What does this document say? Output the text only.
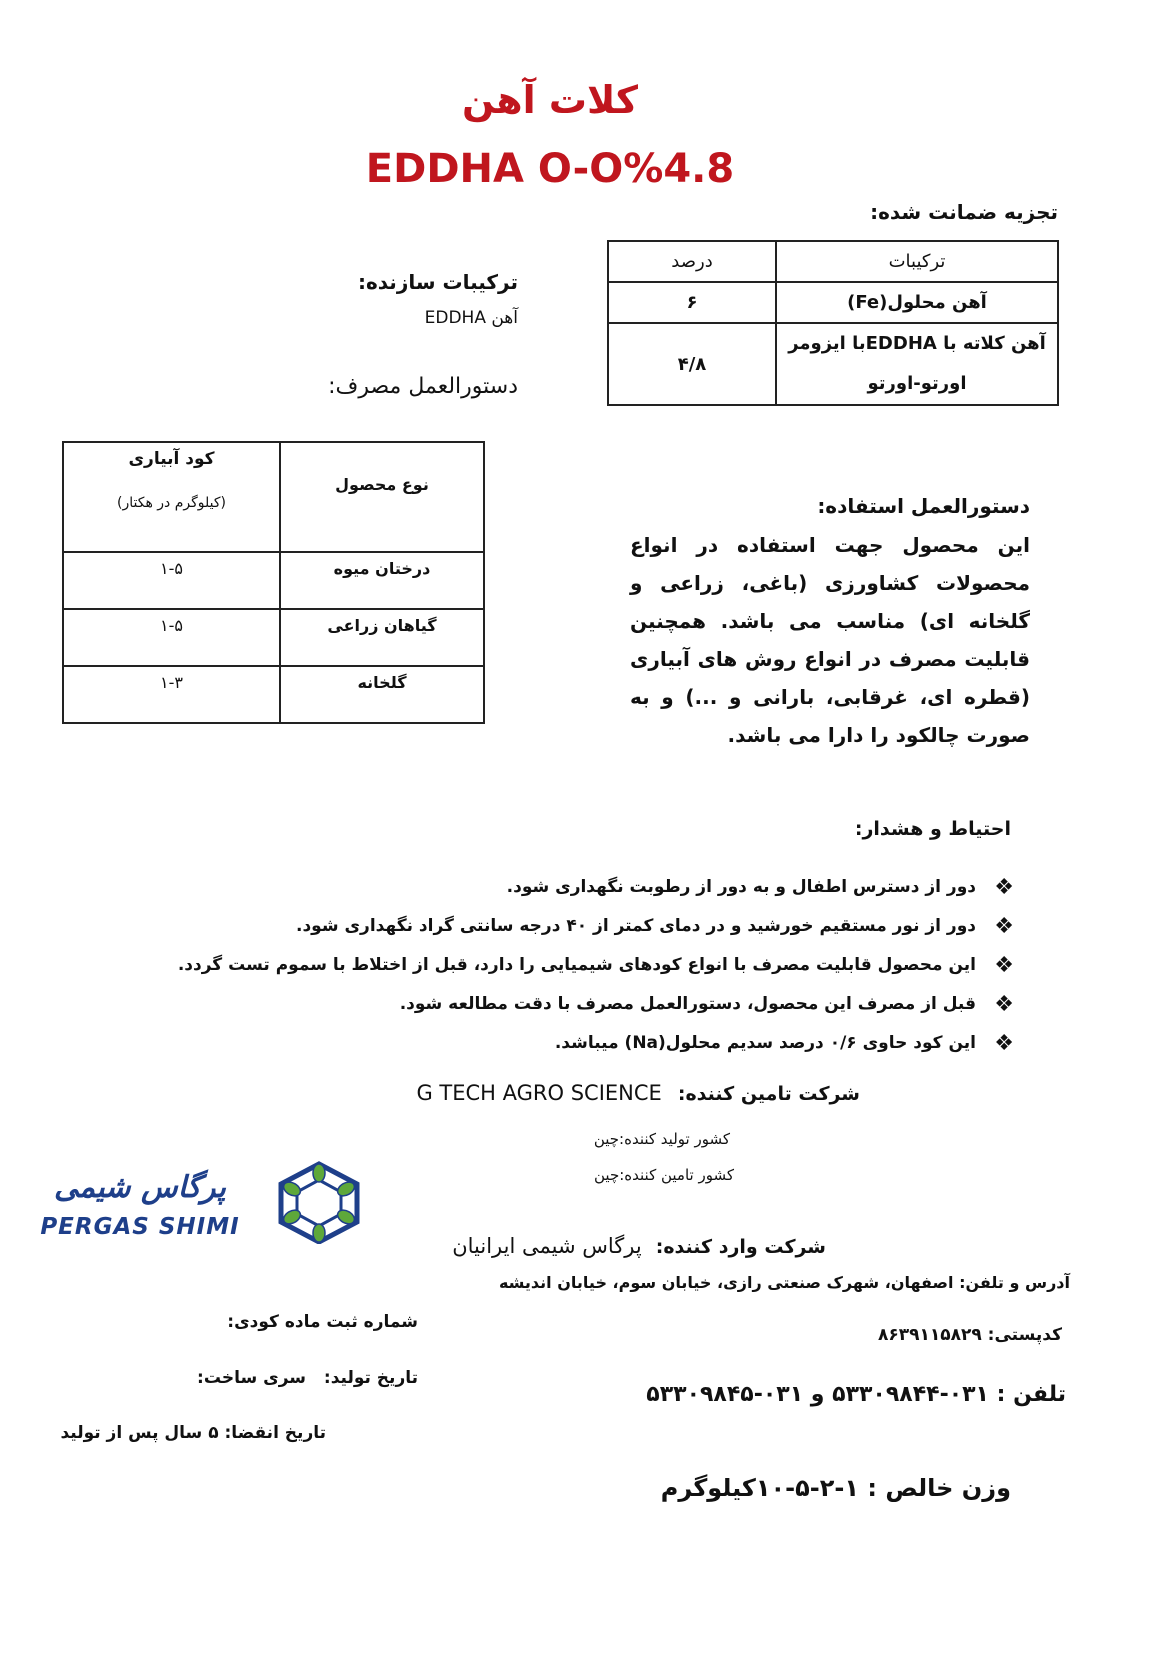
کلات آهن
EDDHA O-O%4.8
تجزیه ضمانت شده:
ترکیبات	درصد
آهن محلول(Fe)	۶

آهن کلاته با EDDHAبا ایزومر
اورتو-اورتو	۴/۸
ترکیبات سازنده:
آهن EDDHA
دستورالعمل مصرف:
نوع محصول	کود آبیاری
(کیلوگرم در هکتار)

درختان میوه	۱-۵
گیاهان زراعی	۱-۵
گلخانه	۱-۳
دستورالعمل استفاده:
این محصول جهت استفاده در انواع محصولات کشاورزی (باغی، زراعی و گلخانه ای) مناسب می باشد. همچنین قابلیت مصرف در انواع روش های آبیاری (قطره ای، غرقابی، بارانی و ...) و به صورت چالکود را دارا می باشد.
احتیاط و هشدار:
❖
دور از دسترس اطفال و به دور از رطوبت نگهداری شود.
❖
دور از نور مستقیم خورشید و در دمای کمتر از ۴۰ درجه سانتی گراد نگهداری شود.
❖
این محصول قابلیت مصرف با انواع کودهای شیمیایی را دارد، قبل از اختلاط با سموم تست گردد.
❖
قبل از مصرف این محصول، دستورالعمل مصرف با دقت مطالعه شود.
❖
این کود حاوی ۰/۶ درصد سدیم محلول(Na) میباشد.
شرکت تامین کننده: G TECH AGRO SCIENCE
کشور تولید کننده:چین
کشور تامین کننده:چین
پرگاس شیمی
PERGAS SHIMI
شرکت وارد کننده: پرگاس شیمی ایرانیان
آدرس و تلفن: اصفهان، شهرک صنعتی رازی، خیابان سوم، خیابان اندیشه
کدپستی: ۸۶۳۹۱۱۵۸۲۹
تلفن : ۰۳۱-۵۳۳۰۹۸۴۴ و ۰۳۱-۵۳۳۰۹۸۴۵
وزن خالص : ۱-۲-۵-۱۰کیلوگرم
شماره ثبت ماده کودی:
تاریخ تولید:
سری ساخت:
تاریخ انقضا: ۵ سال پس از تولید
